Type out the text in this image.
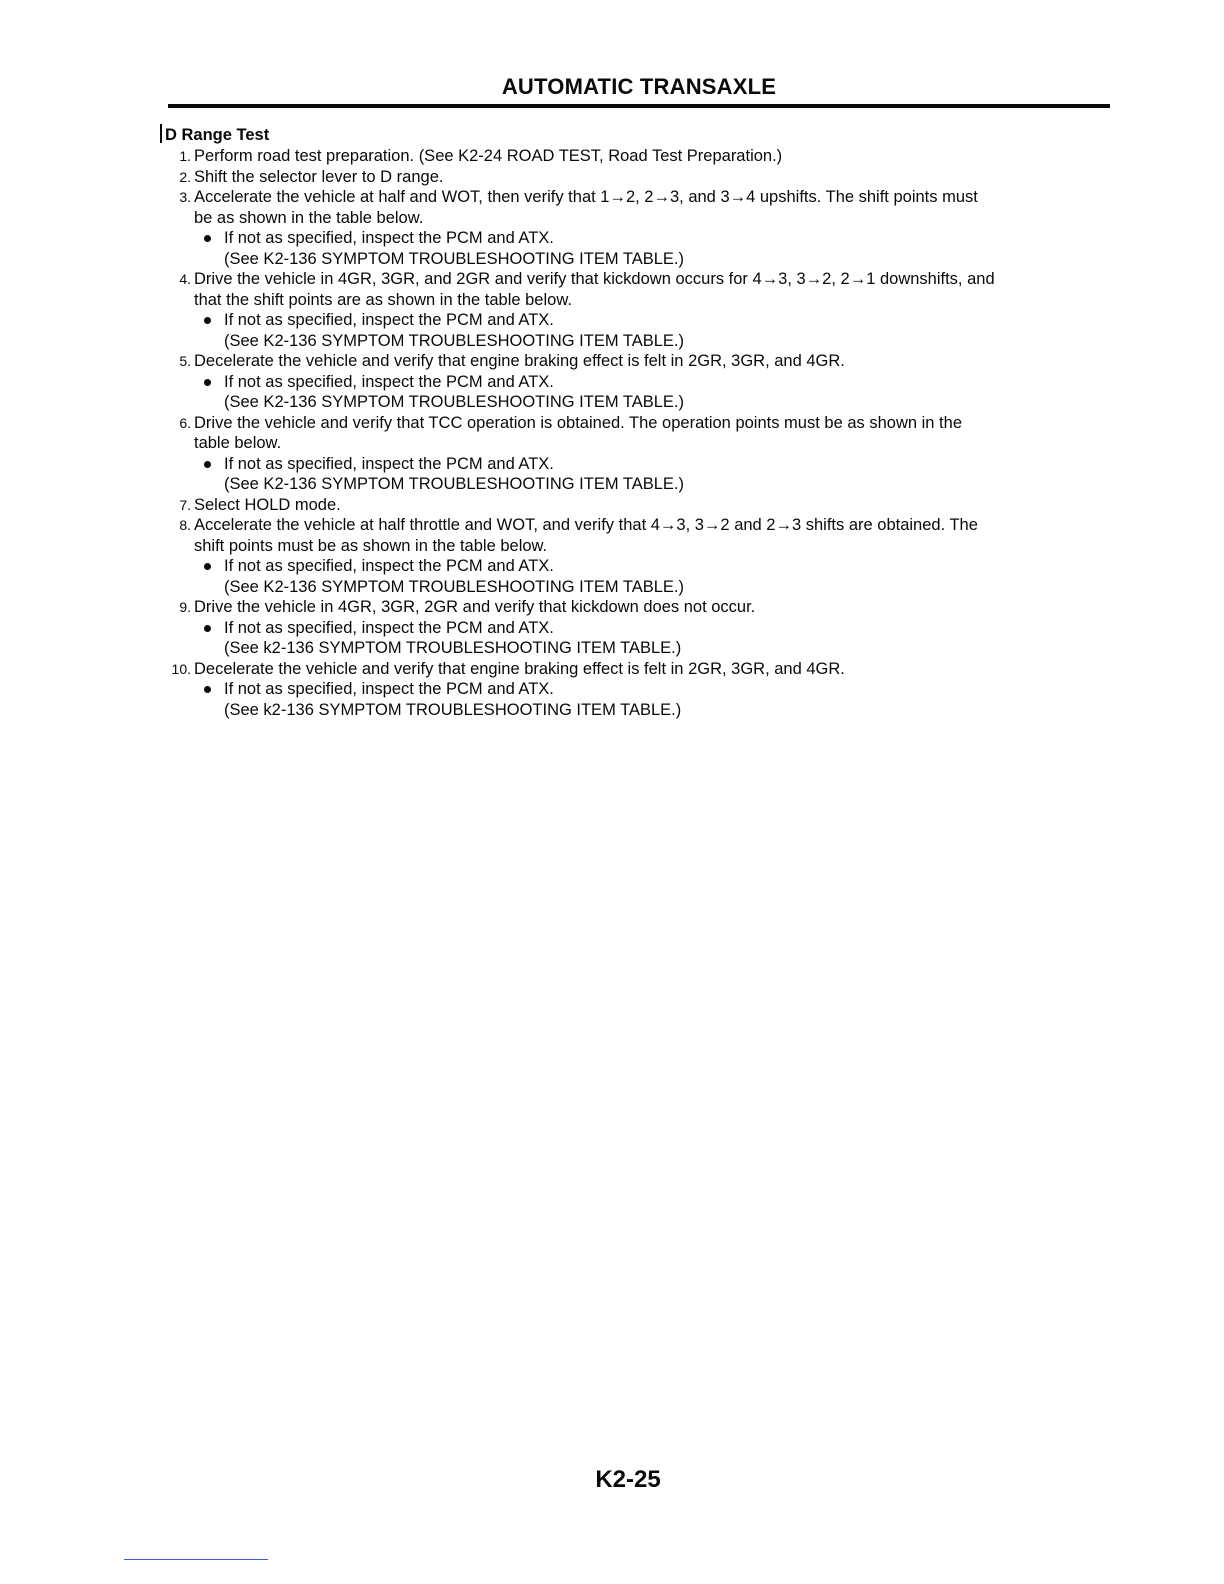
AUTOMATIC TRANSAXLE
D Range Test
1. Perform road test preparation. (See K2-24 ROAD TEST, Road Test Preparation.)
2. Shift the selector lever to D range.
3. Accelerate the vehicle at half and WOT, then verify that 1→2, 2→3, and 3→4 upshifts. The shift points must
be as shown in the table below.
If not as specified, inspect the PCM and ATX.
(See K2-136 SYMPTOM TROUBLESHOOTING ITEM TABLE.)
4. Drive the vehicle in 4GR, 3GR, and 2GR and verify that kickdown occurs for 4→3, 3→2, 2→1 downshifts, and
that the shift points are as shown in the table below.
If not as specified, inspect the PCM and ATX.
(See K2-136 SYMPTOM TROUBLESHOOTING ITEM TABLE.)
5. Decelerate the vehicle and verify that engine braking effect is felt in 2GR, 3GR, and 4GR.
If not as specified, inspect the PCM and ATX.
(See K2-136 SYMPTOM TROUBLESHOOTING ITEM TABLE.)
6. Drive the vehicle and verify that TCC operation is obtained. The operation points must be as shown in the
table below.
If not as specified, inspect the PCM and ATX.
(See K2-136 SYMPTOM TROUBLESHOOTING ITEM TABLE.)
7. Select HOLD mode.
8. Accelerate the vehicle at half throttle and WOT, and verify that 4→3, 3→2 and 2→3 shifts are obtained. The
shift points must be as shown in the table below.
If not as specified, inspect the PCM and ATX.
(See K2-136 SYMPTOM TROUBLESHOOTING ITEM TABLE.)
9. Drive the vehicle in 4GR, 3GR, 2GR and verify that kickdown does not occur.
If not as specified, inspect the PCM and ATX.
(See k2-136 SYMPTOM TROUBLESHOOTING ITEM TABLE.)
10. Decelerate the vehicle and verify that engine braking effect is felt in 2GR, 3GR, and 4GR.
If not as specified, inspect the PCM and ATX.
(See k2-136 SYMPTOM TROUBLESHOOTING ITEM TABLE.)
K2-25
